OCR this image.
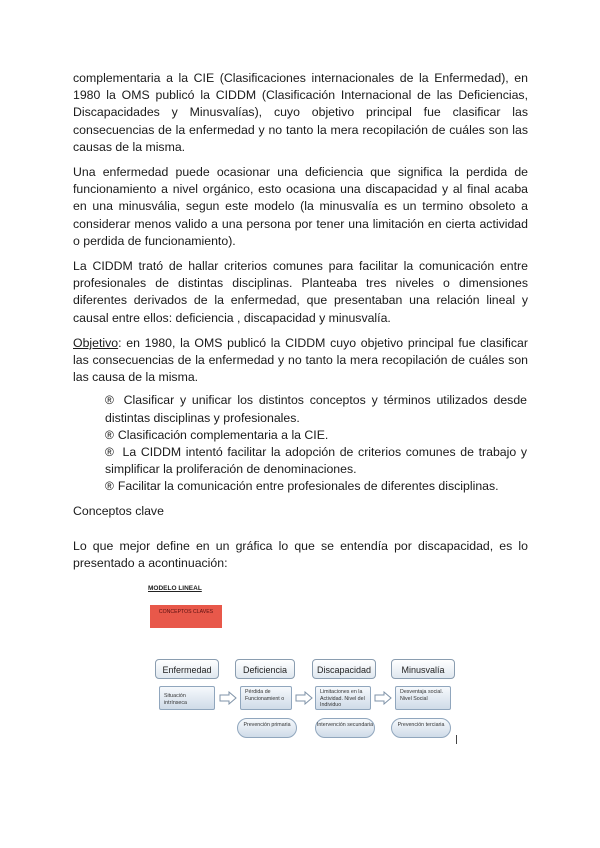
complementaria a la CIE (Clasificaciones internacionales de la Enfermedad), en 1980 la OMS publicó la CIDDM (Clasificación Internacional de las Deficiencias, Discapacidades y Minusvalías), cuyo objetivo principal fue clasificar las consecuencias de la enfermedad y no tanto la mera recopilación de cuáles son las causas de la misma.

Una enfermedad puede ocasionar una deficiencia que significa la perdida de funcionamiento a nivel orgánico, esto ocasiona una discapacidad y al final acaba en una minusvália, segun este modelo (la minusvalía es un termino obsoleto a considerar menos valido a una persona por tener una limitación en cierta actividad o perdida de funcionamiento).

La CIDDM trató de hallar criterios comunes para facilitar la comunicación entre profesionales de distintas disciplinas. Planteaba tres niveles o dimensiones diferentes derivados de la enfermedad, que presentaban una relación lineal y causal entre ellos: deficiencia , discapacidad y minusvalía.

Objetivo: en 1980, la OMS publicó la CIDDM cuyo objetivo principal fue clasificar las consecuencias de la enfermedad y no tanto la mera recopilación de cuáles son las causa de la misma.

® Clasificar y unificar los distintos conceptos y términos utilizados desde distintas disciplinas y profesionales.
® Clasificación complementaria a la CIE.
® La CIDDM intentó facilitar la adopción de criterios comunes de trabajo y simplificar la proliferación de denominaciones.
® Facilitar la comunicación entre profesionales de diferentes disciplinas.
Conceptos clave
Lo que mejor define en un gráfica lo que se entendía por discapacidad, es lo presentado a acontinuación:
MODELO LINEAL
CONCEPTOS CLAVES
Enfermedad	Deficiencia	Discapacidad	Minusvalía
Situación intrínseca
Pérdida de Funcionamient o
Limitaciones en la Actividad. Nivel del Individuo
Desventaja social. Nivel Social
Prevención primaria	Intervención secundaria	Prevención terciaria
